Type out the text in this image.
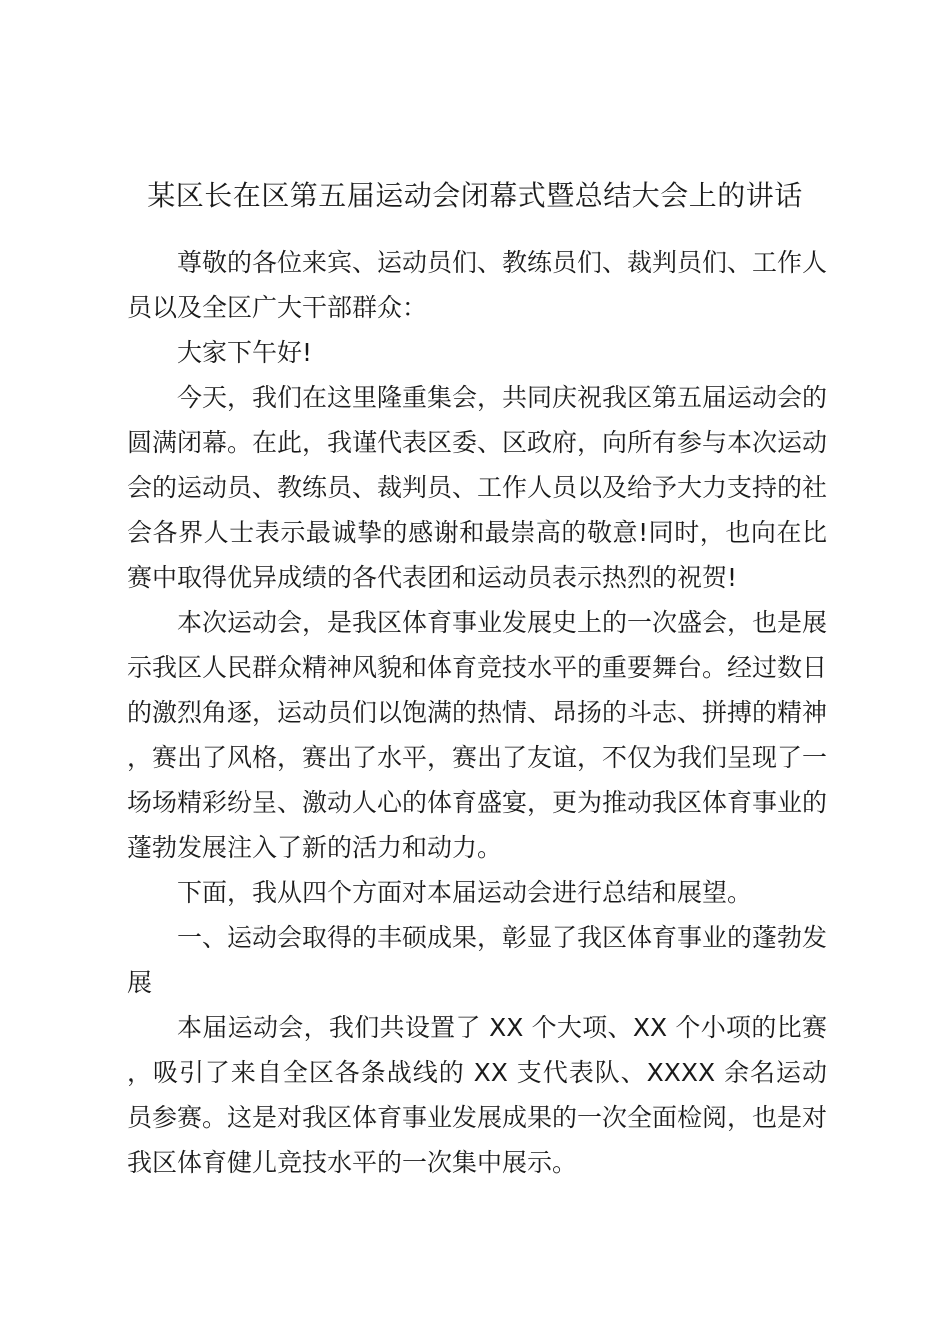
某区长在区第五届运动会闭幕式暨总结大会上的讲话

尊敬的各位来宾、运动员们、教练员们、裁判员们、工作人员以及全区广大干部群众：

大家下午好!

今天，我们在这里隆重集会，共同庆祝我区第五届运动会的圆满闭幕。在此，我谨代表区委、区政府，向所有参与本次运动会的运动员、教练员、裁判员、工作人员以及给予大力支持的社会各界人士表示最诚挚的感谢和最崇高的敬意!同时，也向在比赛中取得优异成绩的各代表团和运动员表示热烈的祝贺!

本次运动会，是我区体育事业发展史上的一次盛会，也是展示我区人民群众精神风貌和体育竞技水平的重要舞台。经过数日的激烈角逐，运动员们以饱满的热情、昂扬的斗志、拼搏的精神，赛出了风格，赛出了水平，赛出了友谊，不仅为我们呈现了一场场精彩纷呈、激动人心的体育盛宴，更为推动我区体育事业的蓬勃发展注入了新的活力和动力。

下面，我从四个方面对本届运动会进行总结和展望。

一、运动会取得的丰硕成果，彰显了我区体育事业的蓬勃发展

本届运动会，我们共设置了 XX 个大项、XX 个小项的比赛，吸引了来自全区各条战线的 XX 支代表队、XXXX 余名运动员参赛。这是对我区体育事业发展成果的一次全面检阅，也是对我区体育健儿竞技水平的一次集中展示。
